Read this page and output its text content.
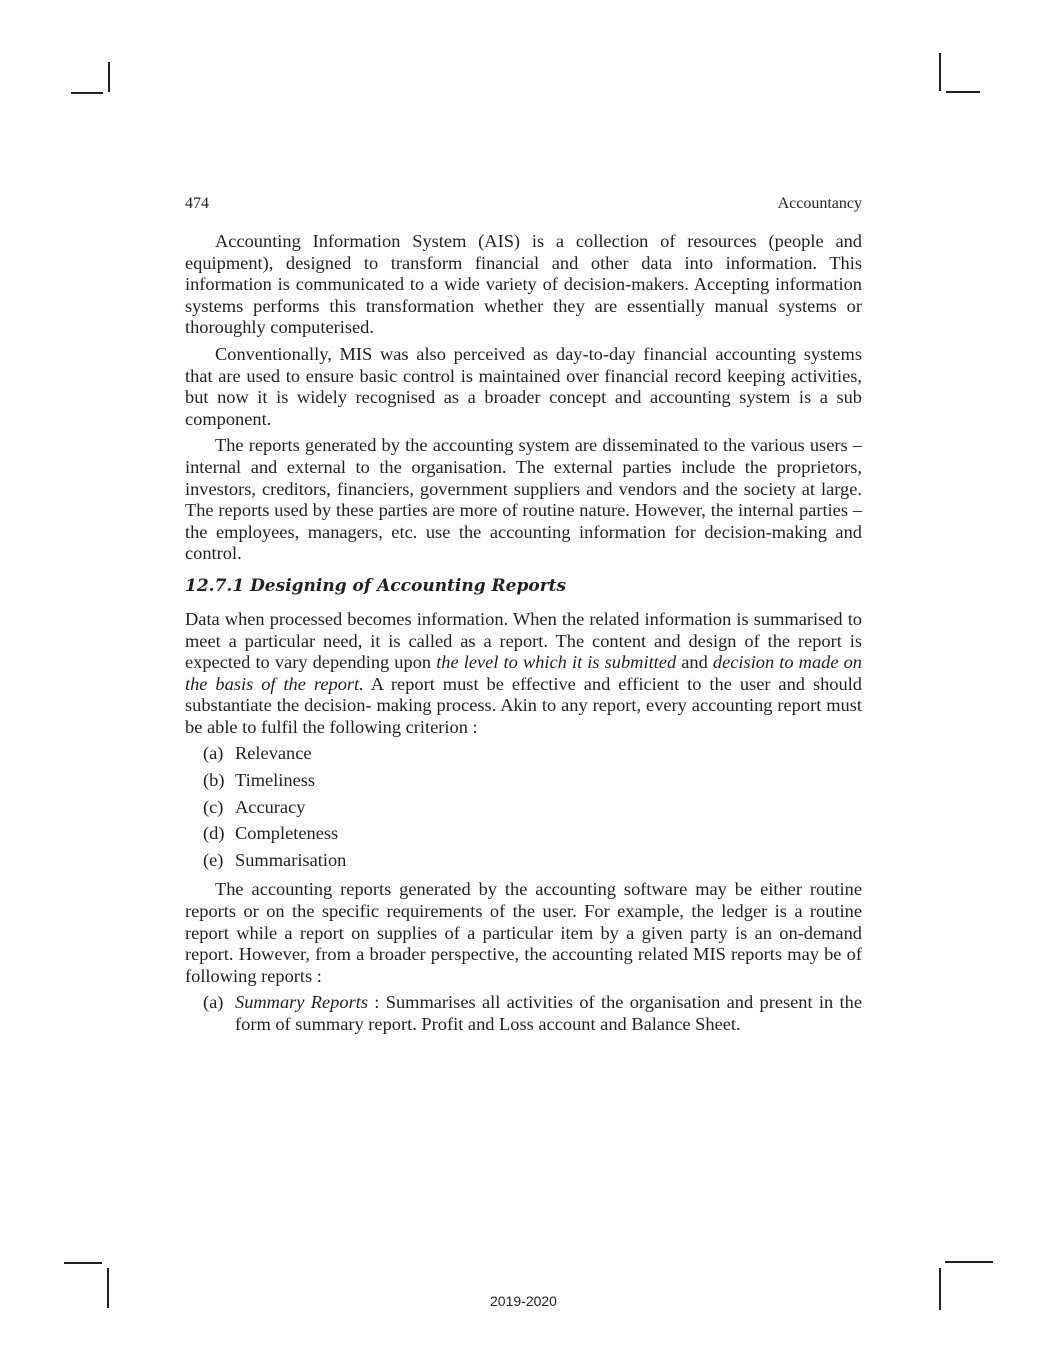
474	Accountancy

Accounting Information System (AIS) is a collection of resources (people and equipment), designed to transform financial and other data into information. This information is communicated to a wide variety of decision-makers. Accepting information systems performs this transformation whether they are essentially manual systems or thoroughly computerised.

Conventionally, MIS was also perceived as day-to-day financial accounting systems that are used to ensure basic control is maintained over financial record keeping activities, but now it is widely recognised as a broader concept and accounting system is a sub component.

The reports generated by the accounting system are disseminated to the various users – internal and external to the organisation. The external parties include the proprietors, investors, creditors, financiers, government suppliers and vendors and the society at large. The reports used by these parties are more of routine nature. However, the internal parties – the employees, managers, etc. use the accounting information for decision-making and control.

12.7.1 Designing of Accounting Reports

Data when processed becomes information. When the related information is summarised to meet a particular need, it is called as a report. The content and design of the report is expected to vary depending upon the level to which it is submitted and decision to made on the basis of the report. A report must be effective and efficient to the user and should substantiate the decision- making process. Akin to any report, every accounting report must be able to fulfil the following criterion :

(a) Relevance
(b) Timeliness
(c) Accuracy
(d) Completeness
(e) Summarisation

The accounting reports generated by the accounting software may be either routine reports or on the specific requirements of the user. For example, the ledger is a routine report while a report on supplies of a particular item by a given party is an on-demand report. However, from a broader perspective, the accounting related MIS reports may be of following reports :

(a) Summary Reports : Summarises all activities of the organisation and present in the form of summary report. Profit and Loss account and Balance Sheet.
2019-2020
